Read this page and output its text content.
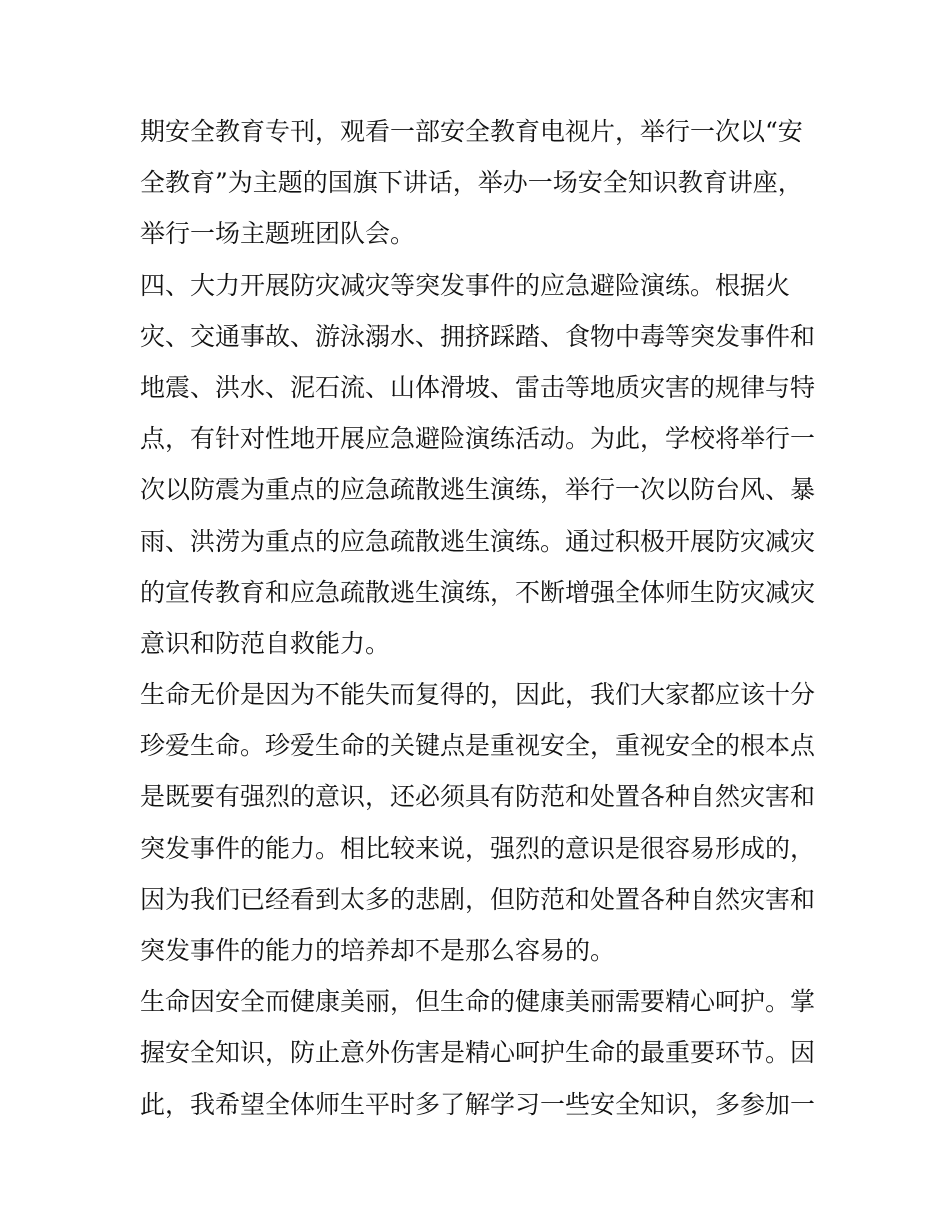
期安全教育专刊，观看一部安全教育电视片，举行一次以“安
全教育”为主题的国旗下讲话，举办一场安全知识教育讲座，
举行一场主题班团队会。
四、大力开展防灾减灾等突发事件的应急避险演练。根据火
灾、交通事故、游泳溺水、拥挤踩踏、食物中毒等突发事件和
地震、洪水、泥石流、山体滑坡、雷击等地质灾害的规律与特
点，有针对性地开展应急避险演练活动。为此，学校将举行一
次以防震为重点的应急疏散逃生演练，举行一次以防台风、暴
雨、洪涝为重点的应急疏散逃生演练。通过积极开展防灾减灾
的宣传教育和应急疏散逃生演练，不断增强全体师生防灾减灾
意识和防范自救能力。
生命无价是因为不能失而复得的，因此，我们大家都应该十分
珍爱生命。珍爱生命的关键点是重视安全，重视安全的根本点
是既要有强烈的意识，还必须具有防范和处置各种自然灾害和
突发事件的能力。相比较来说，强烈的意识是很容易形成的，
因为我们已经看到太多的悲剧，但防范和处置各种自然灾害和
突发事件的能力的培养却不是那么容易的。
生命因安全而健康美丽，但生命的健康美丽需要精心呵护。掌
握安全知识，防止意外伤害是精心呵护生命的最重要环节。因
此，我希望全体师生平时多了解学习一些安全知识，多参加一
